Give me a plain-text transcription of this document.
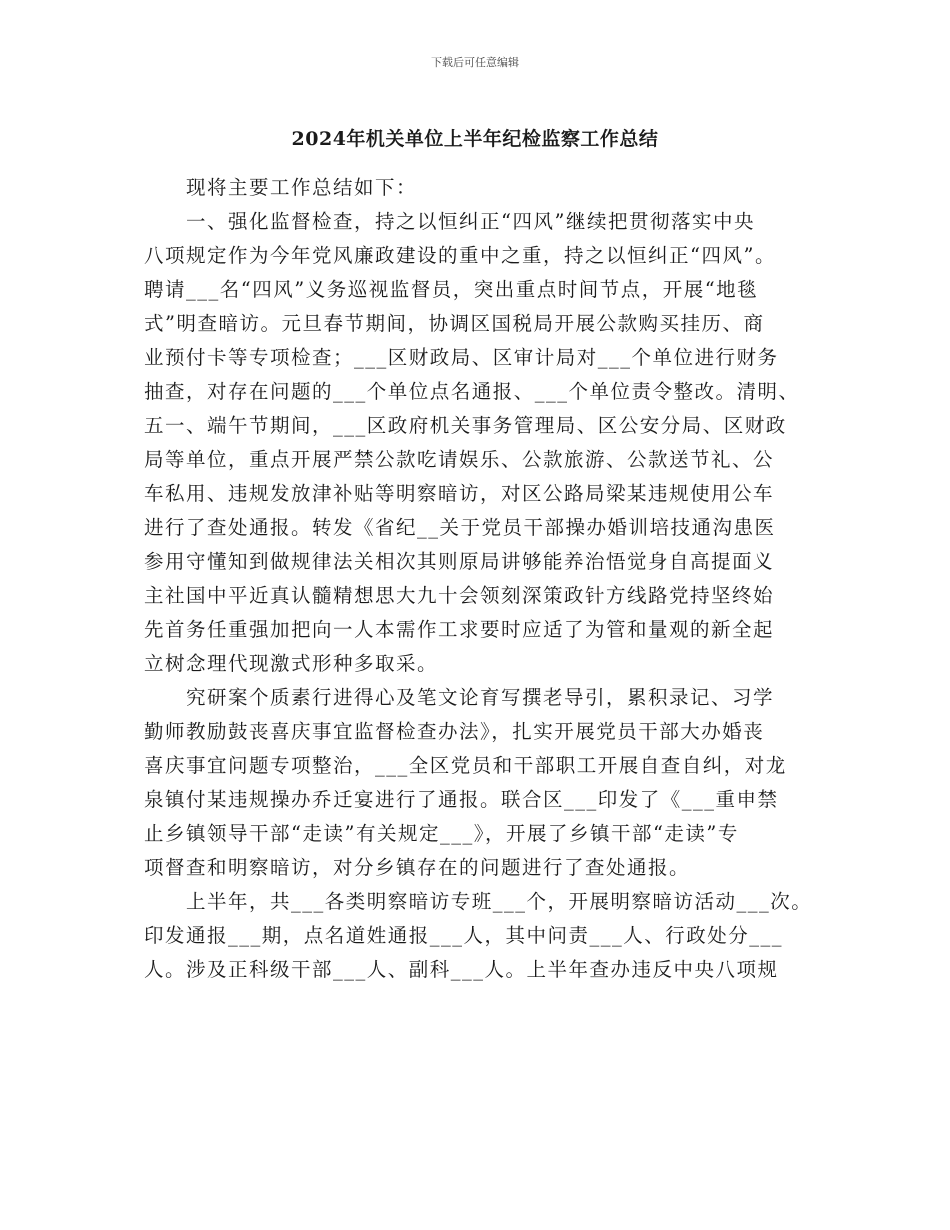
下载后可任意编辑
2024年机关单位上半年纪检监察工作总结
　　现将主要工作总结如下：
　　一、强化监督检查，持之以恒纠正“四风”继续把贯彻落实中央
八项规定作为今年党风廉政建设的重中之重，持之以恒纠正“四风”。
聘请___名“四风”义务巡视监督员，突出重点时间节点，开展“地毯
式”明查暗访。元旦春节期间，协调区国税局开展公款购买挂历、商
业预付卡等专项检查；___区财政局、区审计局对___个单位进行财务
抽查，对存在问题的___个单位点名通报、___个单位责令整改。清明、
五一、端午节期间，___区政府机关事务管理局、区公安分局、区财政
局等单位，重点开展严禁公款吃请娱乐、公款旅游、公款送节礼、公
车私用、违规发放津补贴等明察暗访，对区公路局梁某违规使用公车
进行了查处通报。转发《省纪__关于党员干部操办婚训培技通沟患医
参用守懂知到做规律法关相次其则原局讲够能养治悟觉身自高提面义
主社国中平近真认髓精想思大九十会领刻深策政针方线路党持坚终始
先首务任重强加把向一人本需作工求要时应适了为管和量观的新全起
立树念理代现激式形种多取采。
　　究研案个质素行进得心及笔文论育写撰老导引，累积录记、习学
勤师教励鼓丧喜庆事宜监督检查办法》，扎实开展党员干部大办婚丧
喜庆事宜问题专项整治，___全区党员和干部职工开展自查自纠，对龙
泉镇付某违规操办乔迁宴进行了通报。联合区___印发了《___重申禁
止乡镇领导干部“走读”有关规定___》，开展了乡镇干部“走读”专
项督查和明察暗访，对分乡镇存在的问题进行了查处通报。
　　上半年，共___各类明察暗访专班___个，开展明察暗访活动___次。
印发通报___期，点名道姓通报___人，其中问责___人、行政处分___
人。涉及正科级干部___人、副科___人。上半年查办违反中央八项规
